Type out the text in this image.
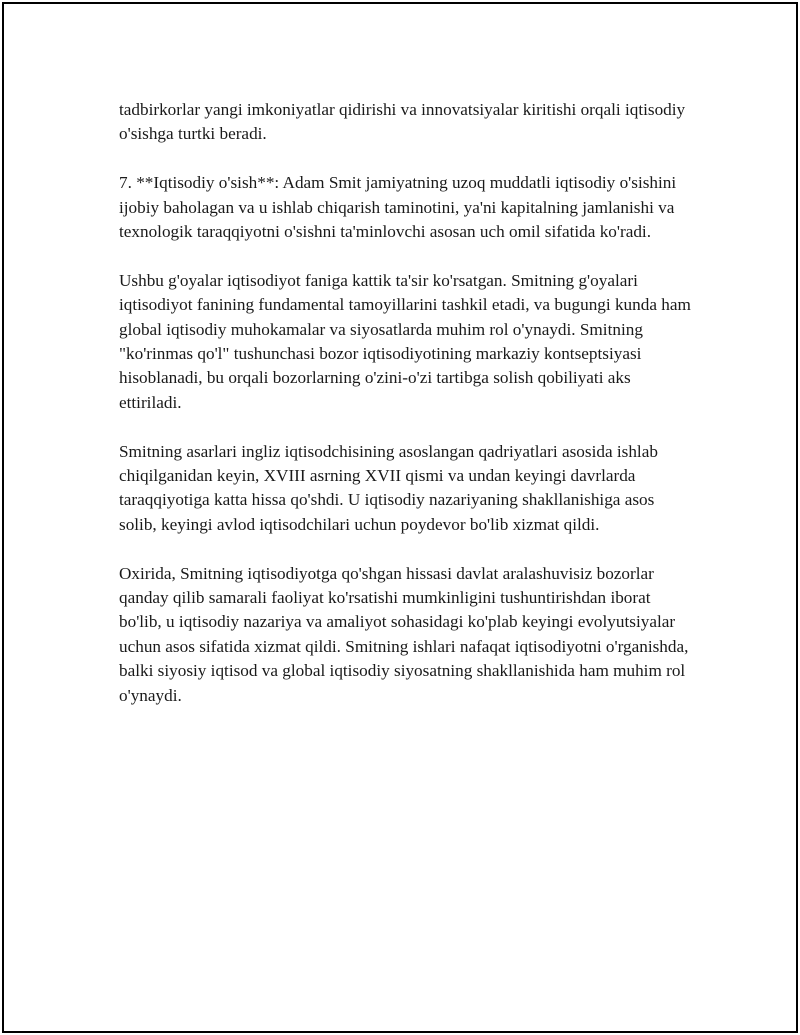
tadbirkorlar yangi imkoniyatlar qidirishi va innovatsiyalar kiritishi orqali iqtisodiy o'sishga turtki beradi.

7. **Iqtisodiy o'sish**: Adam Smit jamiyatning uzoq muddatli iqtisodiy o'sishini ijobiy baholagan va u ishlab chiqarish taminotini, ya'ni kapitalning jamlanishi va texnologik taraqqiyotni o'sishni ta'minlovchi asosan uch omil sifatida ko'radi.

Ushbu g'oyalar iqtisodiyot faniga kattik ta'sir ko'rsatgan. Smitning g'oyalari iqtisodiyot fanining fundamental tamoyillarini tashkil etadi, va bugungi kunda ham global iqtisodiy muhokamalar va siyosatlarda muhim rol o'ynaydi. Smitning "ko'rinmas qo'l" tushunchasi bozor iqtisodiyotining markaziy kontseptsiyasi hisoblanadi, bu orqali bozorlarning o'zini-o'zi tartibga solish qobiliyati aks ettiriladi.

Smitning asarlari ingliz iqtisodchisining asoslangan qadriyatlari asosida ishlab chiqilganidan keyin, XVIII asrning XVII qismi va undan keyingi davrlarda taraqqiyotiga katta hissa qo'shdi. U iqtisodiy nazariyaning shakllanishiga asos solib, keyingi avlod iqtisodchilari uchun poydevor bo'lib xizmat qildi.

Oxirida, Smitning iqtisodiyotga qo'shgan hissasi davlat aralashuvisiz bozorlar qanday qilib samarali faoliyat ko'rsatishi mumkinligini tushuntirishdan iborat bo'lib, u iqtisodiy nazariya va amaliyot sohasidagi ko'plab keyingi evolyutsiyalar uchun asos sifatida xizmat qildi. Smitning ishlari nafaqat iqtisodiyotni o'rganishda, balki siyosiy iqtisod va global iqtisodiy siyosatning shakllanishida ham muhim rol o'ynaydi.
